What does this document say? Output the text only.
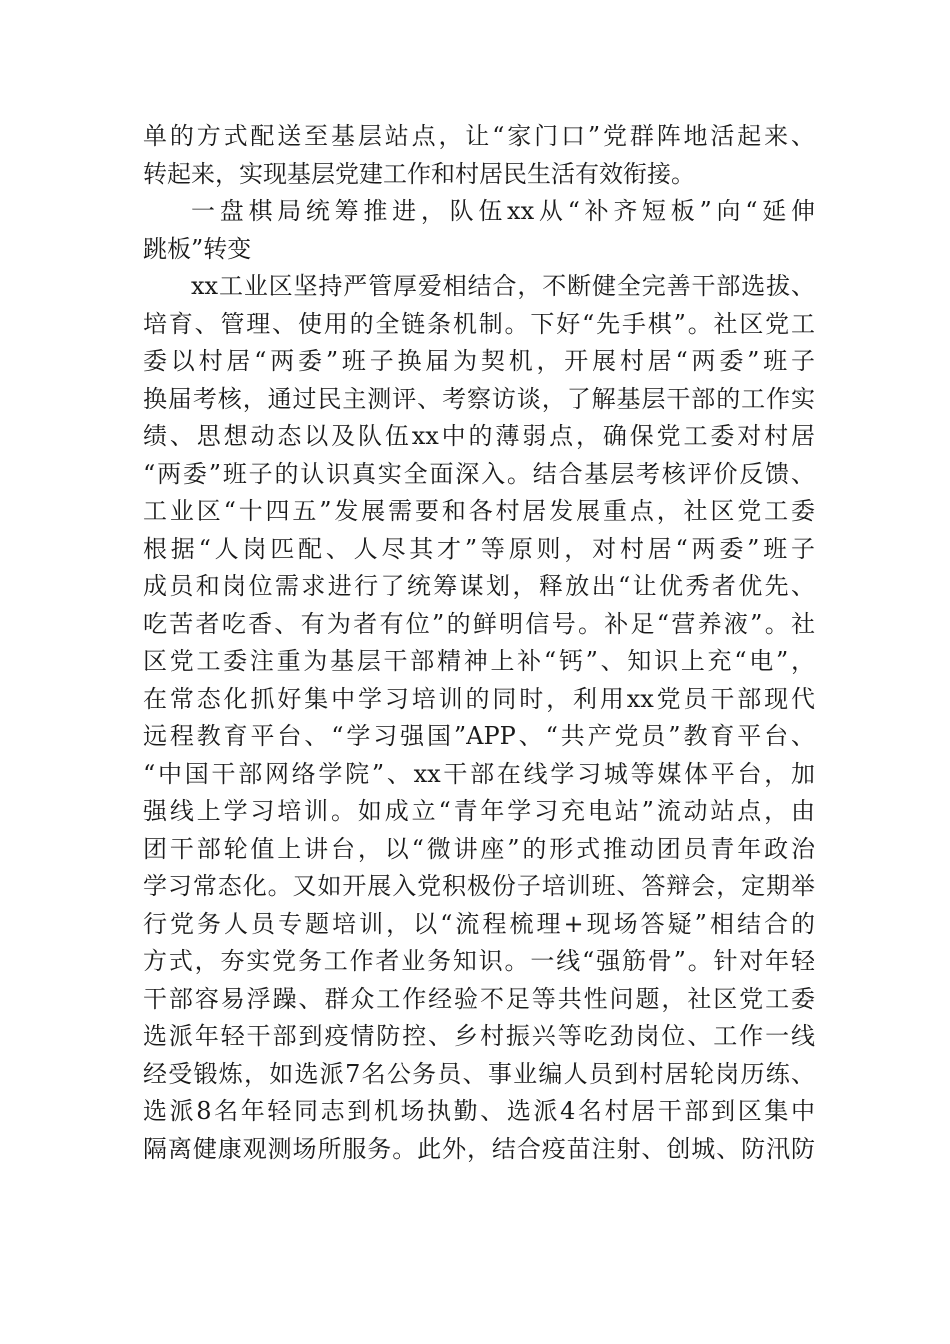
单的方式配送至基层站点，让“家门口”党群阵地活起来、
转起来，实现基层党建工作和村居民生活有效衔接。
一盘棋局统筹推进，队伍xx从“补齐短板”向“延伸
跳板”转变
xx工业区坚持严管厚爱相结合，不断健全完善干部选拔、
培育、管理、使用的全链条机制。下好“先手棋”。社区党工
委以村居“两委”班子换届为契机，开展村居“两委”班子
换届考核，通过民主测评、考察访谈，了解基层干部的工作实
绩、思想动态以及队伍xx中的薄弱点，确保党工委对村居
“两委”班子的认识真实全面深入。结合基层考核评价反馈、
工业区“十四五”发展需要和各村居发展重点，社区党工委
根据“人岗匹配、人尽其才”等原则，对村居“两委”班子
成员和岗位需求进行了统筹谋划，释放出“让优秀者优先、
吃苦者吃香、有为者有位”的鲜明信号。补足“营养液”。社
区党工委注重为基层干部精神上补“钙”、知识上充“电”，
在常态化抓好集中学习培训的同时，利用xx党员干部现代
远程教育平台、“学习强国”APP、“共产党员”教育平台、
“中国干部网络学院”、xx干部在线学习城等媒体平台，加
强线上学习培训。如成立“青年学习充电站”流动站点，由
团干部轮值上讲台，以“微讲座”的形式推动团员青年政治
学习常态化。又如开展入党积极份子培训班、答辩会，定期举
行党务人员专题培训，以“流程梳理+现场答疑”相结合的
方式，夯实党务工作者业务知识。一线“强筋骨”。针对年轻
干部容易浮躁、群众工作经验不足等共性问题，社区党工委
选派年轻干部到疫情防控、乡村振兴等吃劲岗位、工作一线
经受锻炼，如选派7名公务员、事业编人员到村居轮岗历练、
选派8名年轻同志到机场执勤、选派4名村居干部到区集中
隔离健康观测场所服务。此外，结合疫苗注射、创城、防汛防
